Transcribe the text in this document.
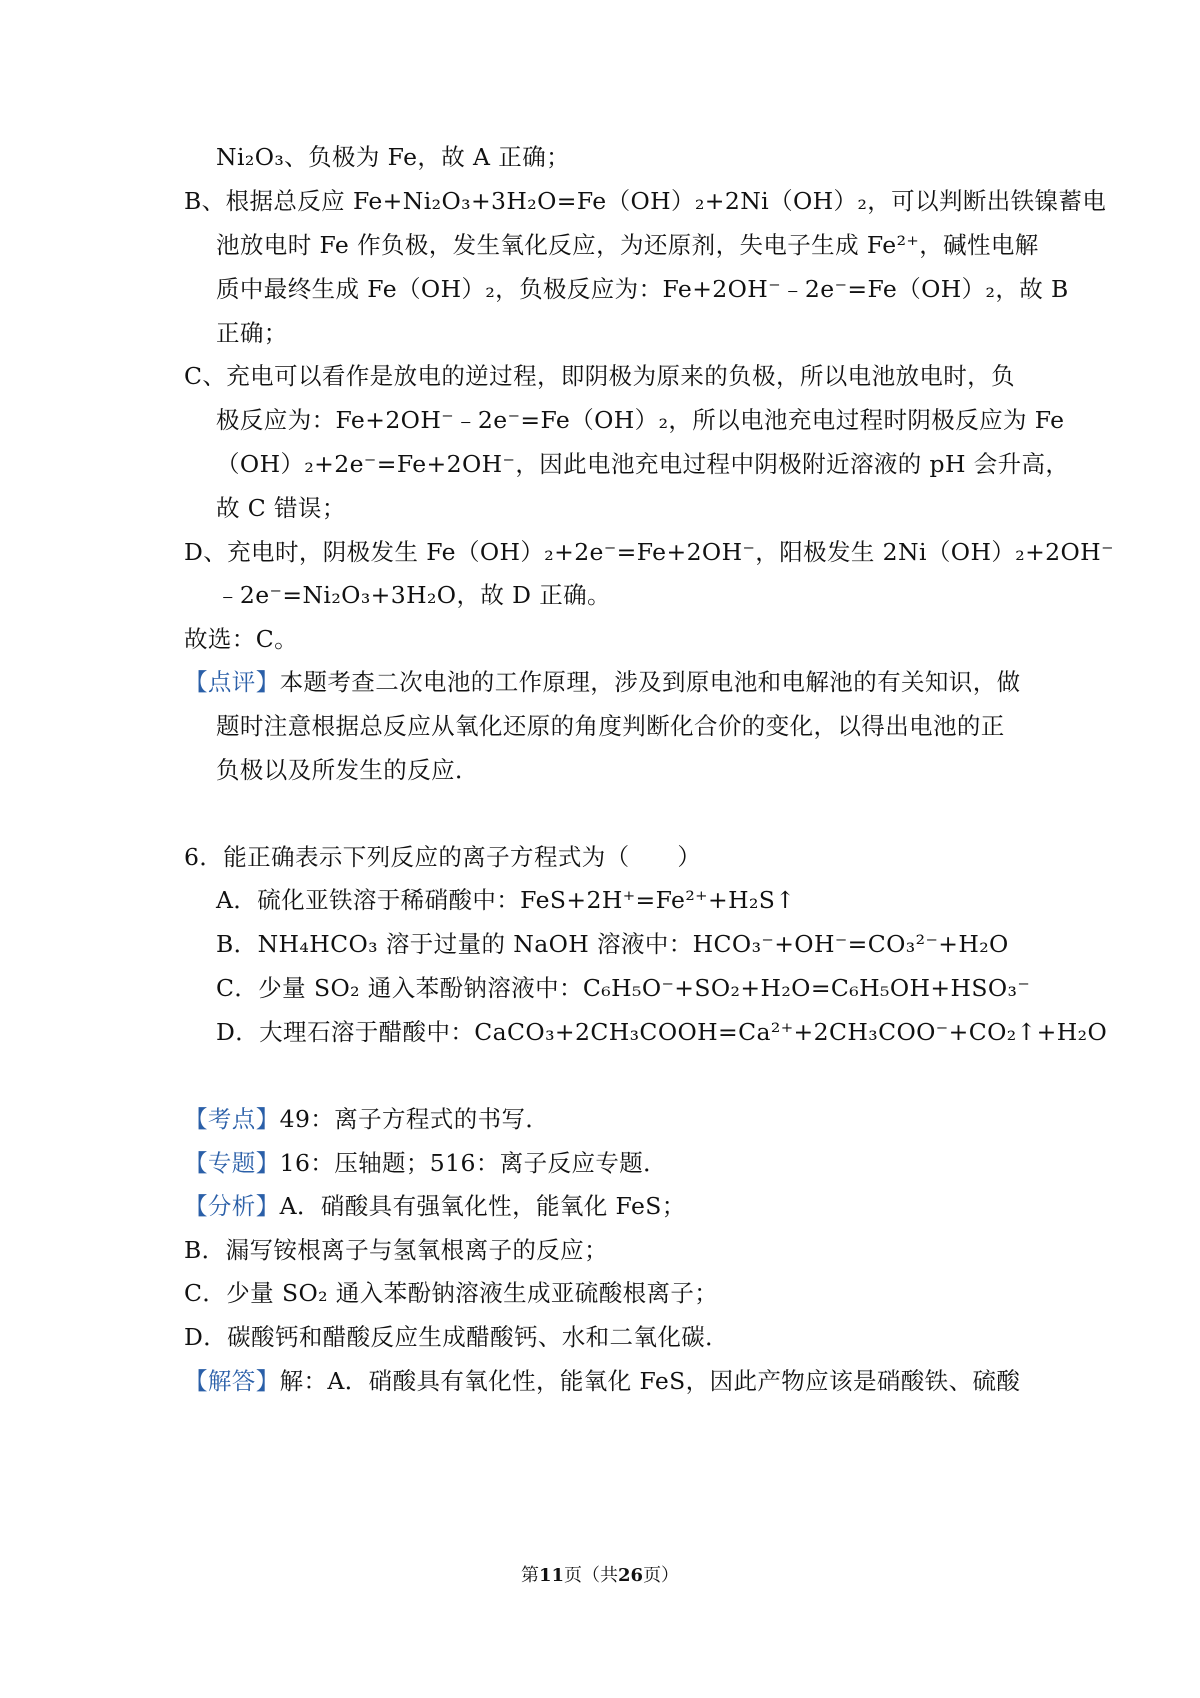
Ni₂O₃、负极为 Fe，故 A 正确；
B、根据总反应 Fe+Ni₂O₃+3H₂O=Fe（OH）₂+2Ni（OH）₂，可以判断出铁镍蓄电
池放电时 Fe 作负极，发生氧化反应，为还原剂，失电子生成 Fe²⁺，碱性电解
质中最终生成 Fe（OH）₂，负极反应为：Fe+2OH⁻﹣2e⁻=Fe（OH）₂，故 B
正确；
C、充电可以看作是放电的逆过程，即阴极为原来的负极，所以电池放电时，负
极反应为：Fe+2OH⁻﹣2e⁻=Fe（OH）₂，所以电池充电过程时阴极反应为 Fe
（OH）₂+2e⁻=Fe+2OH⁻，因此电池充电过程中阴极附近溶液的 pH 会升高，
故 C 错误；
D、充电时，阴极发生 Fe（OH）₂+2e⁻=Fe+2OH⁻，阳极发生 2Ni（OH）₂+2OH⁻
﹣2e⁻=Ni₂O₃+3H₂O，故 D 正确。
故选：C。
【点评】本题考查二次电池的工作原理，涉及到原电池和电解池的有关知识，做
题时注意根据总反应从氧化还原的角度判断化合价的变化，以得出电池的正
负极以及所发生的反应．
6．能正确表示下列反应的离子方程式为（　　）
A．硫化亚铁溶于稀硝酸中：FeS+2H⁺=Fe²⁺+H₂S↑
B．NH₄HCO₃ 溶于过量的 NaOH 溶液中：HCO₃⁻+OH⁻=CO₃²⁻+H₂O
C．少量 SO₂ 通入苯酚钠溶液中：C₆H₅O⁻+SO₂+H₂O=C₆H₅OH+HSO₃⁻
D．大理石溶于醋酸中：CaCO₃+2CH₃COOH=Ca²⁺+2CH₃COO⁻+CO₂↑+H₂O
【考点】49：离子方程式的书写．
【专题】16：压轴题；516：离子反应专题．
【分析】A．硝酸具有强氧化性，能氧化 FeS；
B．漏写铵根离子与氢氧根离子的反应；
C．少量 SO₂ 通入苯酚钠溶液生成亚硫酸根离子；
D．碳酸钙和醋酸反应生成醋酸钙、水和二氧化碳．
【解答】解：A．硝酸具有氧化性，能氧化 FeS，因此产物应该是硝酸铁、硫酸
第11页（共26页）
